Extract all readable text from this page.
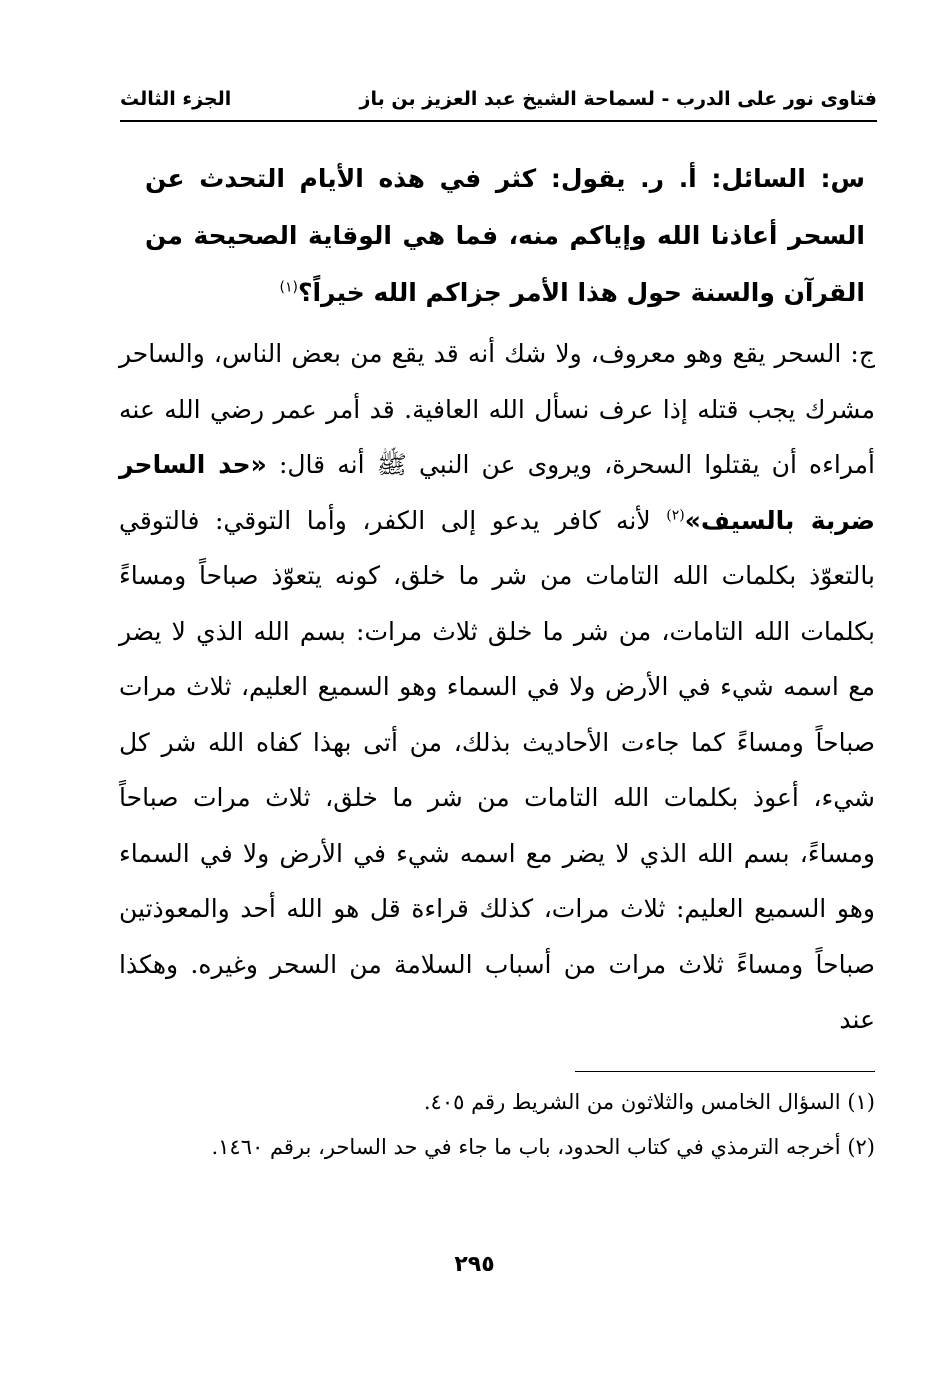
فتاوى نور على الدرب - لسماحة الشيخ عبد العزيز بن باز
الجزء الثالث
س: السائل: أ. ر. يقول: كثر في هذه الأيام التحدث عن السحر أعاذنا الله وإياكم منه، فما هي الوقاية الصحيحة من القرآن والسنة حول هذا الأمر جزاكم الله خيراً؟$^{(١)}$
ج: السحر يقع وهو معروف، ولا شك أنه قد يقع من بعض الناس، والساحر مشرك يجب قتله إذا عرف نسأل الله العافية. قد أمر عمر رضي الله عنه أمراءه أن يقتلوا السحرة، ويروى عن النبي ﷺ أنه قال: «حد الساحر ضربة بالسيف»$^{(٢)}$ لأنه كافر يدعو إلى الكفر، وأما التوقي: فالتوقي بالتعوّذ بكلمات الله التامات من شر ما خلق، كونه يتعوّذ صباحاً ومساءً بكلمات الله التامات، من شر ما خلق ثلاث مرات: بسم الله الذي لا يضر مع اسمه شيء في الأرض ولا في السماء وهو السميع العليم، ثلاث مرات صباحاً ومساءً كما جاءت الأحاديث بذلك، من أتى بهذا كفاه الله شر كل شيء، أعوذ بكلمات الله التامات من شر ما خلق، ثلاث مرات صباحاً ومساءً، بسم الله الذي لا يضر مع اسمه شيء في الأرض ولا في السماء وهو السميع العليم: ثلاث مرات، كذلك قراءة قل هو الله أحد والمعوذتين صباحاً ومساءً ثلاث مرات من أسباب السلامة من السحر وغيره. وهكذا عند

(١) السؤال الخامس والثلاثون من الشريط رقم ٤٠٥.

(٢) أخرجه الترمذي في كتاب الحدود، باب ما جاء في حد الساحر، برقم ١٤٦٠.

٢٩٥
